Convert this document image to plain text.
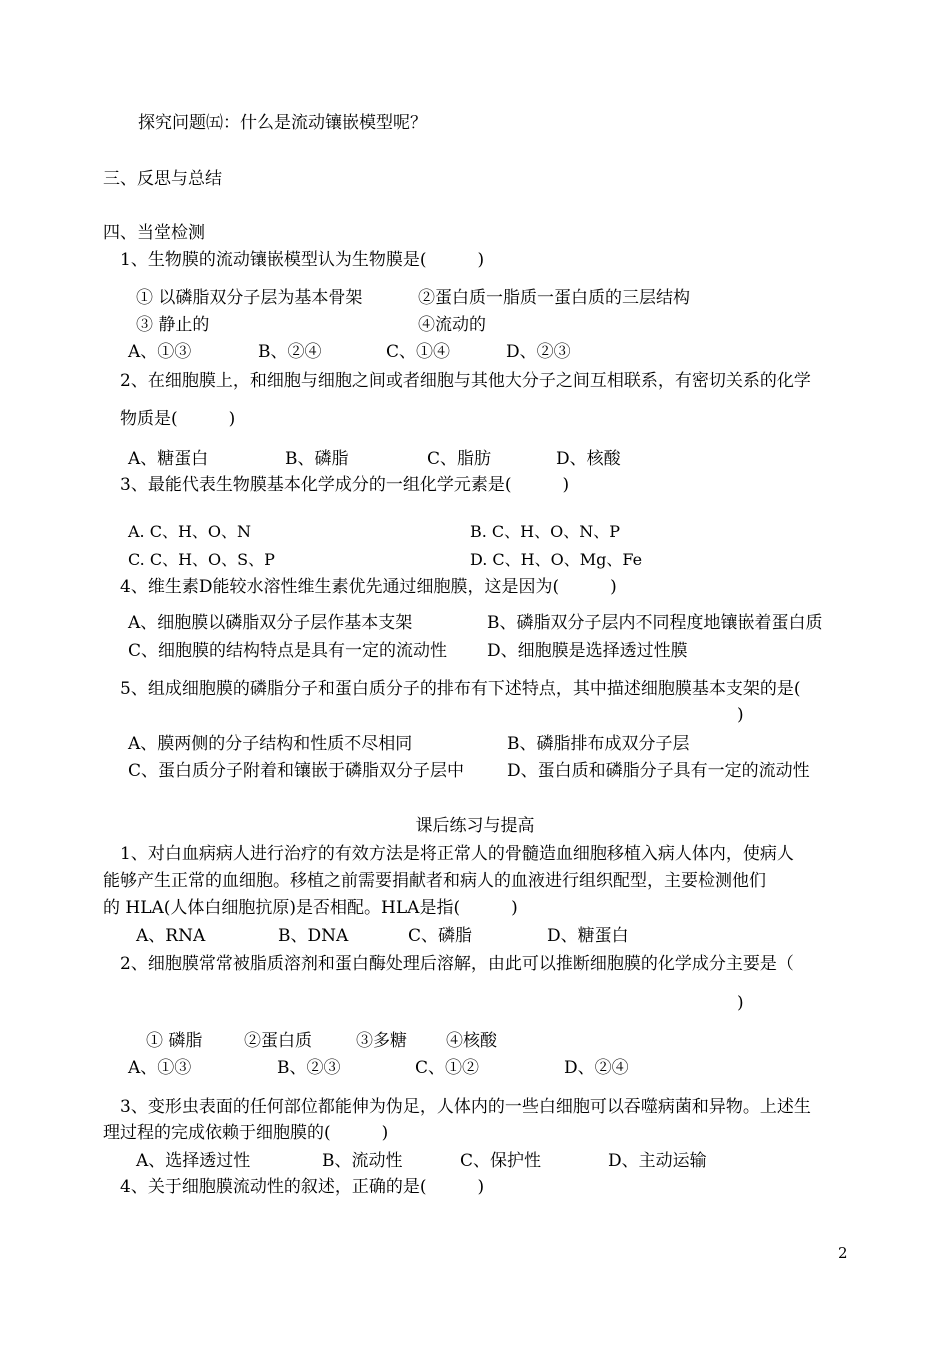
探究问题㈤：什么是流动镶嵌模型呢？
三、反思与总结
四、当堂检测
1、生物膜的流动镶嵌模型认为生物膜是(　　　)
① 以磷脂双分子层为基本骨架	②蛋白质一脂质一蛋白质的三层结构
③ 静止的	④流动的
A、①③	B、②④	C、①④	D、②③
2、在细胞膜上，和细胞与细胞之间或者细胞与其他大分子之间互相联系，有密切关系的化学
物质是(　　　)
A、糖蛋白	B、磷脂	C、脂肪	D、核酸
3、最能代表生物膜基本化学成分的一组化学元素是(　　　)
A. C、H、O、N	B. C、H、O、N、P
C. C、H、O、S、P	D. C、H、O、Mg、Fe
4、维生素D能较水溶性维生素优先通过细胞膜，这是因为(　　　)
A、细胞膜以磷脂双分子层作基本支架	B、磷脂双分子层内不同程度地镶嵌着蛋白质
C、细胞膜的结构特点是具有一定的流动性 D、细胞膜是选择透过性膜
5、组成细胞膜的磷脂分子和蛋白质分子的排布有下述特点，其中描述细胞膜基本支架的是(
)
A、膜两侧的分子结构和性质不尽相同	B、磷脂排布成双分子层
C、蛋白质分子附着和镶嵌于磷脂双分子层中	D、蛋白质和磷脂分子具有一定的流动性
课后练习与提高
1、对白血病病人进行治疗的有效方法是将正常人的骨髓造血细胞移植入病人体内，使病人
能够产生正常的血细胞。移植之前需要捐献者和病人的血液进行组织配型，主要检测他们
的 HLA(人体白细胞抗原)是否相配。HLA是指(　　　)
A、RNA	B、DNA	C、磷脂	D、糖蛋白
2、细胞膜常常被脂质溶剂和蛋白酶处理后溶解，由此可以推断细胞膜的化学成分主要是（
)
① 磷脂 ②蛋白质	③多糖 ④核酸
A、①③	B、②③	C、①②	D、②④
3、变形虫表面的任何部位都能伸为伪足，人体内的一些白细胞可以吞噬病菌和异物。上述生
理过程的完成依赖于细胞膜的(　　　)
A、选择透过性	B、流动性	C、保护性	D、主动运输
4、关于细胞膜流动性的叙述，正确的是(　　　)
2
